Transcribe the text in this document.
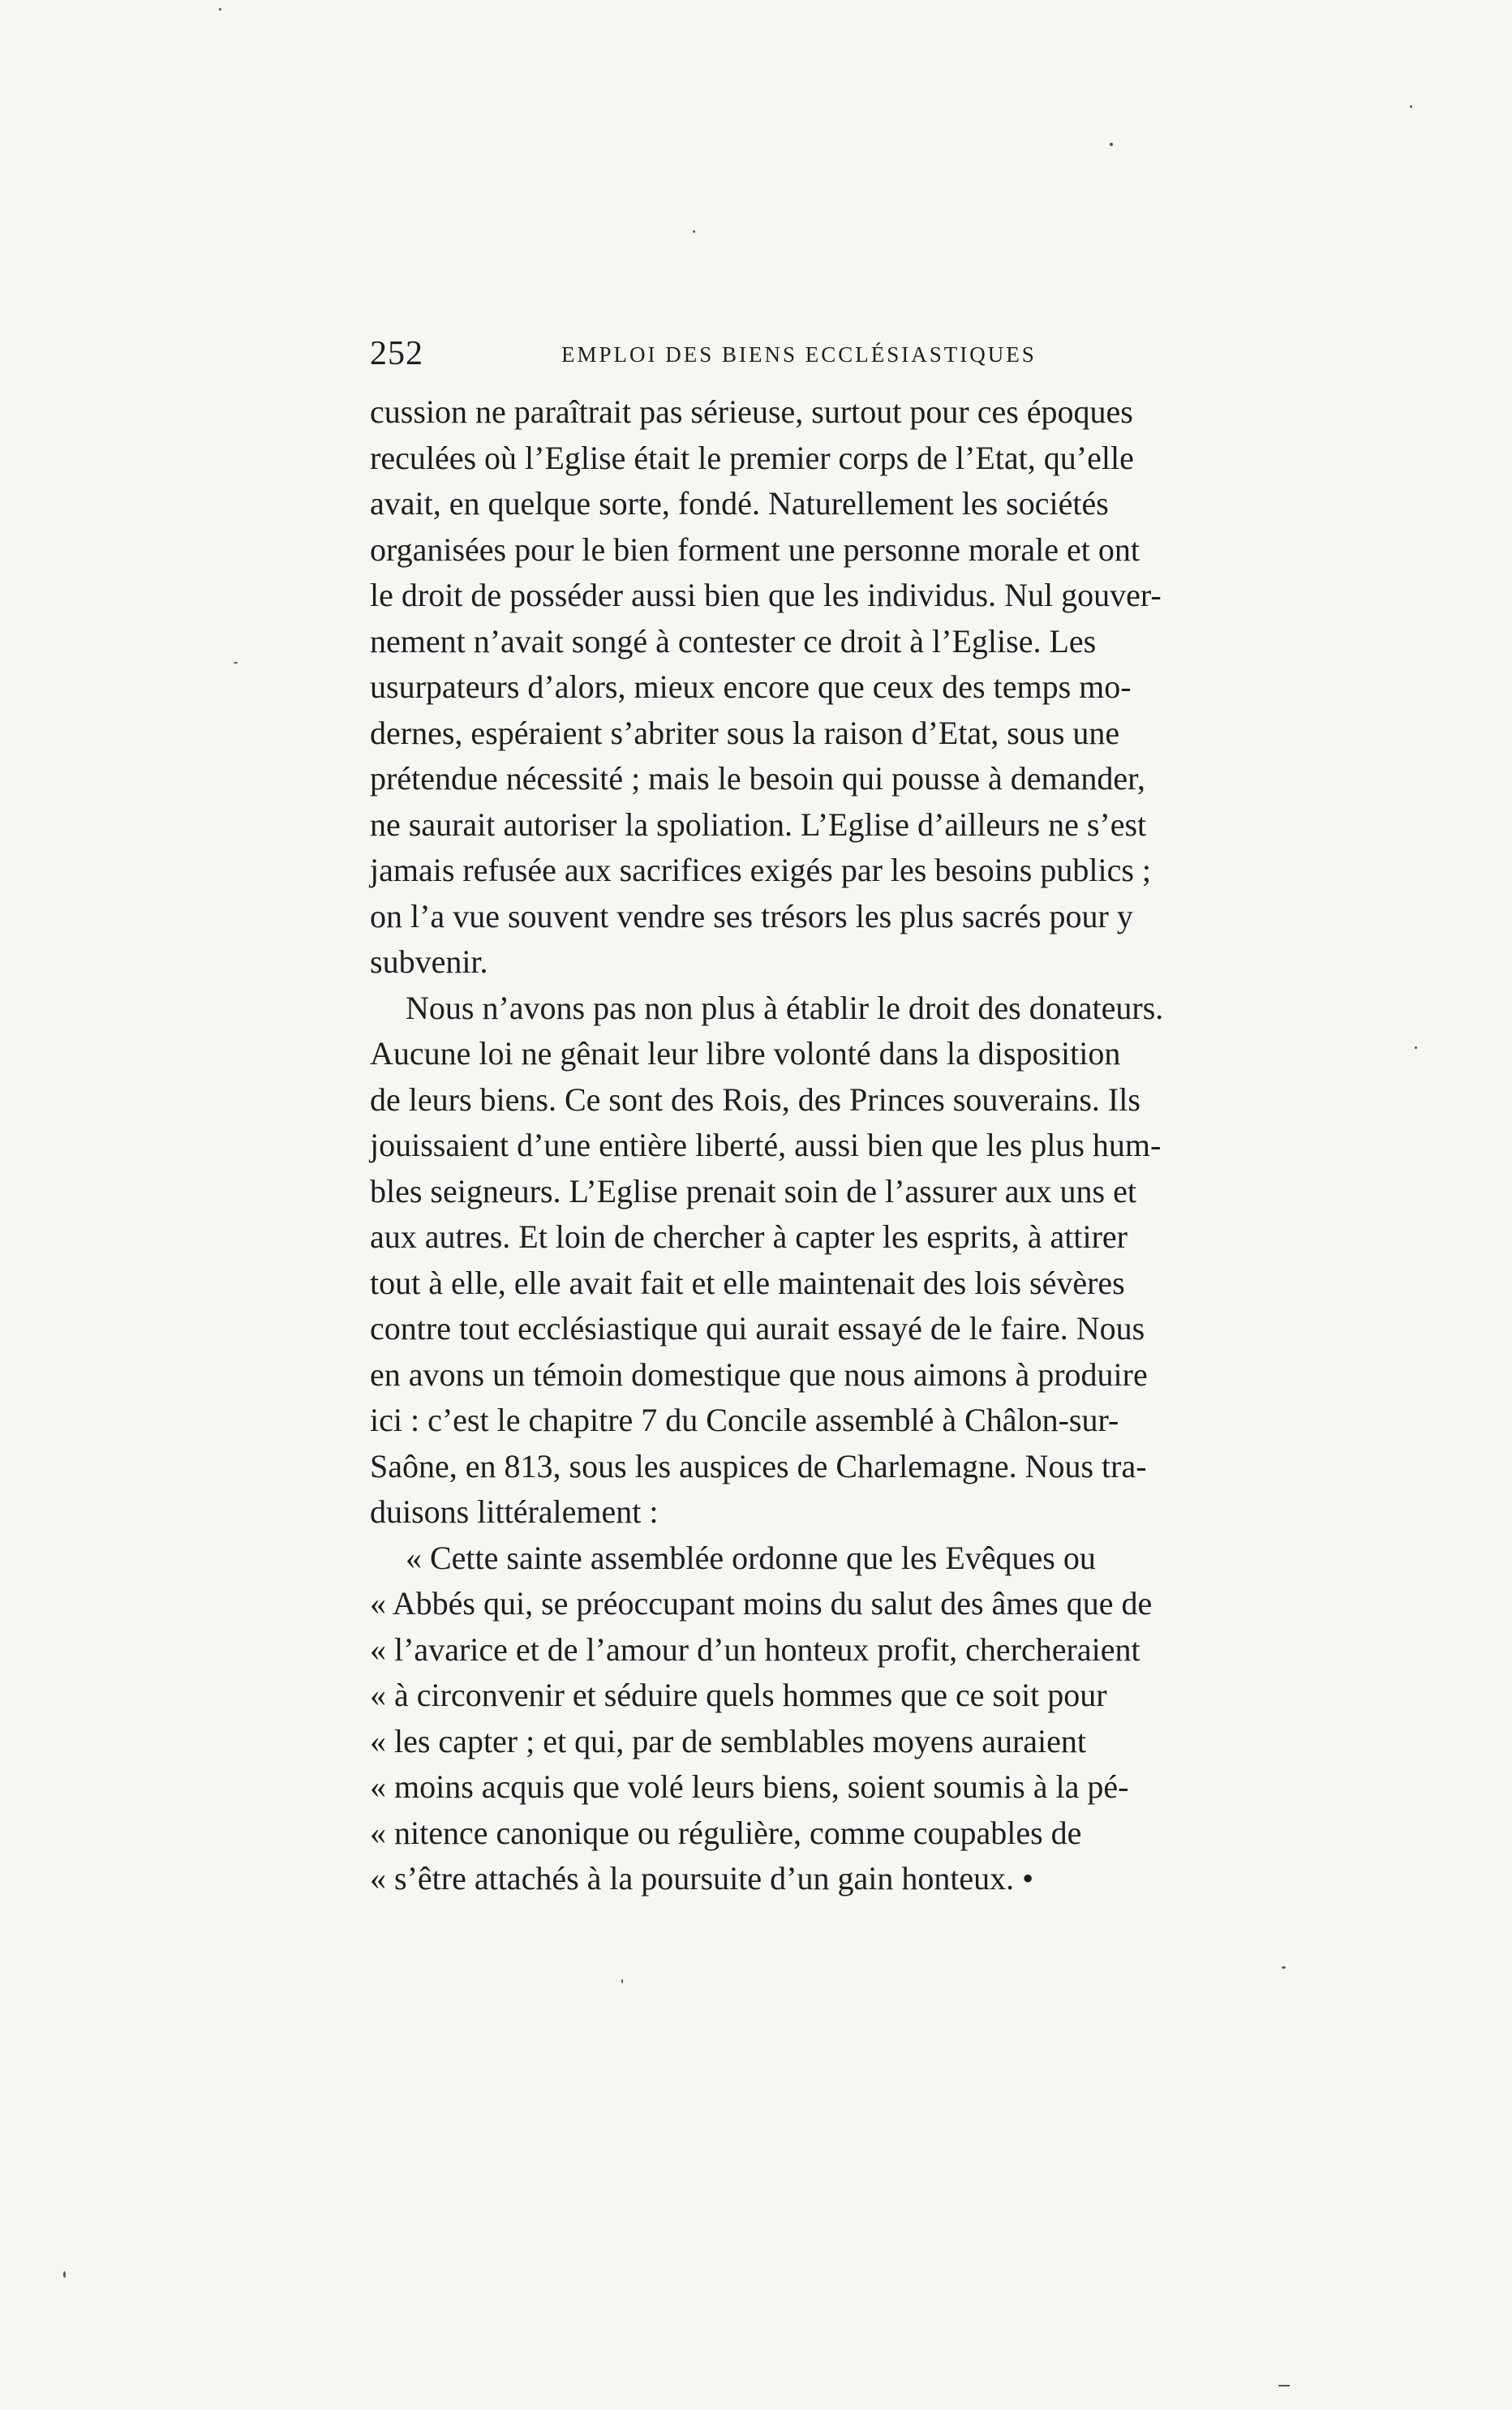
252	EMPLOI DES BIENS ECCLÉSIASTIQUES
cussion ne paraîtrait pas sérieuse, surtout pour ces époques
reculées où l’Eglise était le premier corps de l’Etat, qu’elle
avait, en quelque sorte, fondé. Naturellement les sociétés
organisées pour le bien forment une personne morale et ont
le droit de posséder aussi bien que les individus. Nul gouver-
nement n’avait songé à contester ce droit à l’Eglise. Les
usurpateurs d’alors, mieux encore que ceux des temps mo-
dernes, espéraient s’abriter sous la raison d’Etat, sous une
prétendue nécessité ; mais le besoin qui pousse à demander,
ne saurait autoriser la spoliation. L’Eglise d’ailleurs ne s’est
jamais refusée aux sacrifices exigés par les besoins publics ;
on l’a vue souvent vendre ses trésors les plus sacrés pour y
subvenir.
Nous n’avons pas non plus à établir le droit des donateurs.
Aucune loi ne gênait leur libre volonté dans la disposition
de leurs biens. Ce sont des Rois, des Princes souverains. Ils
jouissaient d’une entière liberté, aussi bien que les plus hum-
bles seigneurs. L’Eglise prenait soin de l’assurer aux uns et
aux autres. Et loin de chercher à capter les esprits, à attirer
tout à elle, elle avait fait et elle maintenait des lois sévères
contre tout ecclésiastique qui aurait essayé de le faire. Nous
en avons un témoin domestique que nous aimons à produire
ici : c’est le chapitre 7 du Concile assemblé à Châlon-sur-
Saône, en 813, sous les auspices de Charlemagne. Nous tra-
duisons littéralement :
« Cette sainte assemblée ordonne que les Evêques ou
« Abbés qui, se préoccupant moins du salut des âmes que de
« l’avarice et de l’amour d’un honteux profit, chercheraient
« à circonvenir et séduire quels hommes que ce soit pour
« les capter ; et qui, par de semblables moyens auraient
« moins acquis que volé leurs biens, soient soumis à la pé-
« nitence canonique ou régulière, comme coupables de
« s’être attachés à la poursuite d’un gain honteux. •
